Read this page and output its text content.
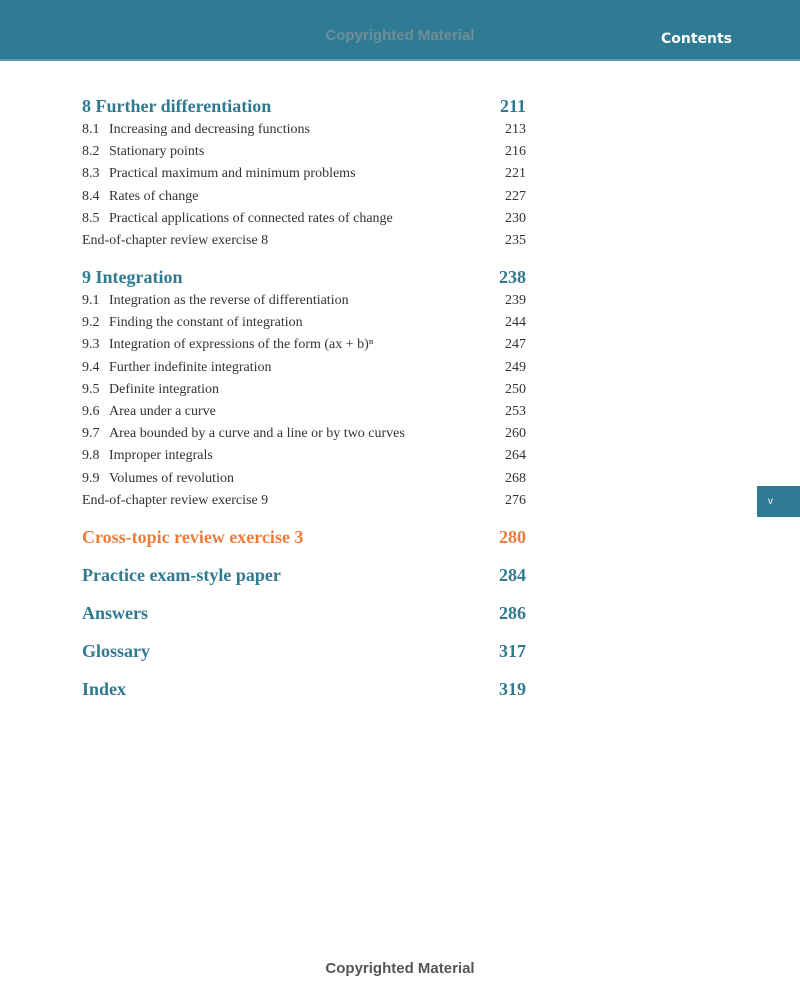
Copyrighted Material	Contents
v
8 Further differentiation	211
8.1 Increasing and decreasing functions	213
8.2 Stationary points	216
8.3 Practical maximum and minimum problems	221
8.4 Rates of change	227
8.5 Practical applications of connected rates of change	230
End-of-chapter review exercise 8	235
9 Integration	238
9.1 Integration as the reverse of differentiation	239
9.2 Finding the constant of integration	244
9.3 Integration of expressions of the form (ax + b)ⁿ	247
9.4 Further indefinite integration	249
9.5 Definite integration	250
9.6 Area under a curve	253
9.7 Area bounded by a curve and a line or by two curves	260
9.8 Improper integrals	264
9.9 Volumes of revolution	268
End-of-chapter review exercise 9	276
Cross-topic review exercise 3	280
Practice exam-style paper	284
Answers	286
Glossary	317
Index	319
Copyrighted Material
